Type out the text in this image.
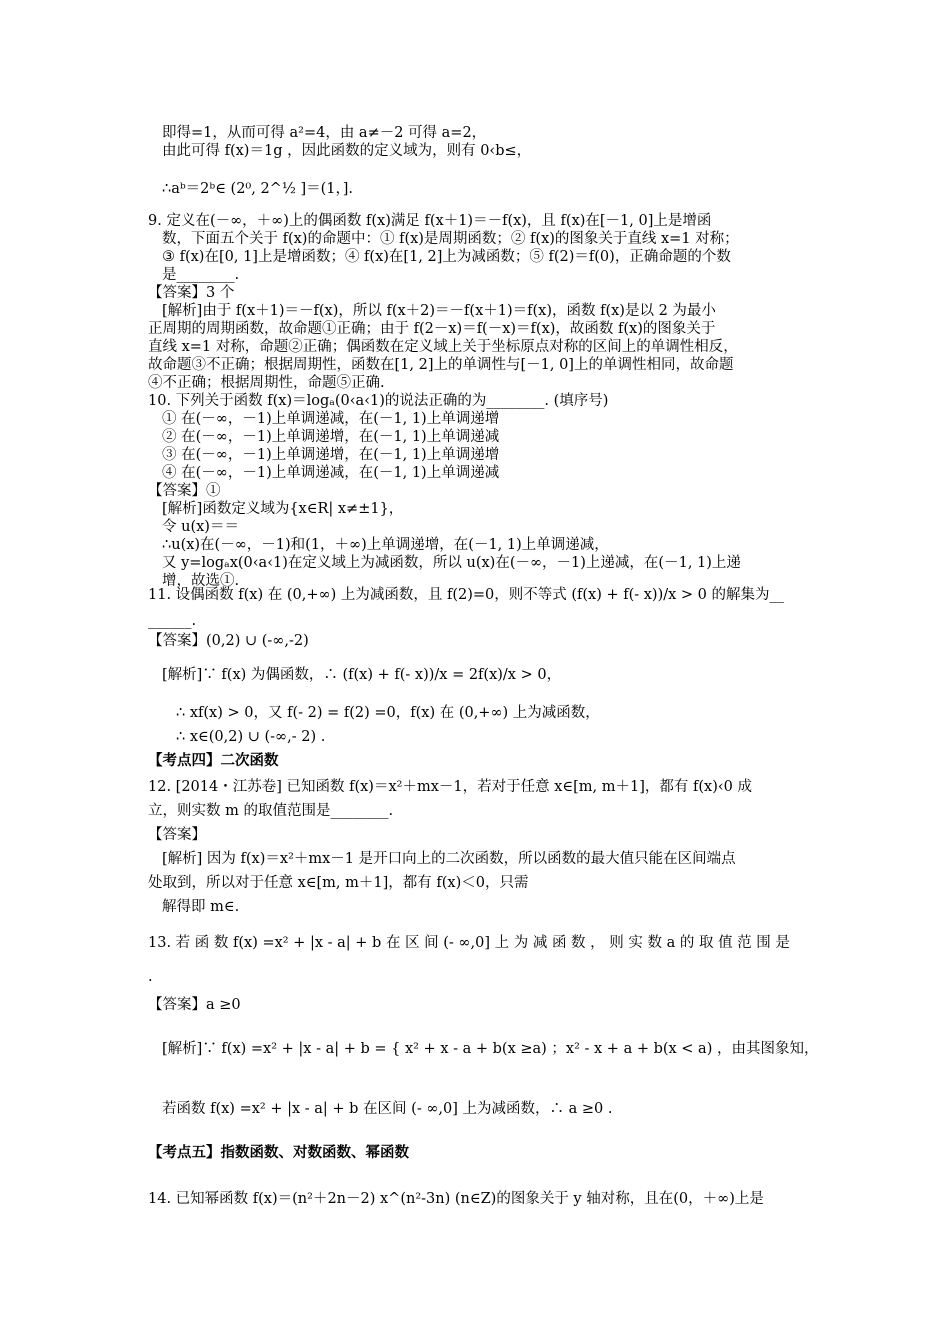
即得=1，从而可得 a²=4，由 a≠－2 可得 a=2，
由此可得 f(x)＝1g ，因此函数的定义域为，则有 0‹b≤，
∴aᵇ＝2ᵇ∈ (2⁰, 2^½ ]＝(1，].
9. 定义在(－∞，＋∞)上的偶函数 f(x)满足 f(x＋1)＝－f(x)，且 f(x)在[－1, 0]上是增函
数，下面五个关于 f(x)的命题中：① f(x)是周期函数；② f(x)的图象关于直线 x=1 对称；
③ f(x)在[0, 1]上是增函数；④ f(x)在[1, 2]上为减函数；⑤ f(2)＝f(0)，正确命题的个数
是________.
【答案】3 个
[解析]由于 f(x＋1)＝－f(x)，所以 f(x＋2)＝－f(x＋1)＝f(x)，函数 f(x)是以 2 为最小
正周期的周期函数，故命题①正确；由于 f(2－x)＝f(－x)＝f(x)，故函数 f(x)的图象关于
直线 x=1 对称，命题②正确；偶函数在定义域上关于坐标原点对称的区间上的单调性相反，
故命题③不正确；根据周期性，函数在[1, 2]上的单调性与[－1, 0]上的单调性相同，故命题
④不正确；根据周期性，命题⑤正确.
10. 下列关于函数 f(x)＝logₐ(0‹a‹1)的说法正确的为________. (填序号)
① 在(－∞，－1)上单调递减，在(－1, 1)上单调递增
② 在(－∞，－1)上单调递增，在(－1, 1)上单调递减
③ 在(－∞，－1)上单调递增，在(－1, 1)上单调递增
④ 在(－∞，－1)上单调递减，在(－1, 1)上单调递减
【答案】①
[解析]函数定义域为{x∈R| x≠±1}，
令 u(x)＝＝
∴u(x)在(－∞，－1)和(1，＋∞)上单调递增，在(－1, 1)上单调递减，
又 y=logₐx(0‹a‹1)在定义域上为减函数，所以 u(x)在(－∞，－1)上递减，在(－1, 1)上递
增，故选①.
11. 设偶函数 f(x) 在 (0,+∞) 上为减函数，且 f(2)=0，则不等式 (f(x) + f(- x))/x > 0 的解集为__
______.
【答案】(0,2) ∪ (-∞,-2)
[解析]∵ f(x) 为偶函数，∴ (f(x) + f(- x))/x = 2f(x)/x > 0，
∴ xf(x) > 0，又 f(- 2) = f(2) =0，f(x) 在 (0,+∞) 上为减函数，
∴ x∈(0,2) ∪ (-∞,- 2) .
【考点四】二次函数
12. [2014・江苏卷] 已知函数 f(x)＝x²＋mx－1，若对于任意 x∈[m, m＋1]，都有 f(x)‹0 成
立，则实数 m 的取值范围是________.
【答案】
[解析] 因为 f(x)＝x²＋mx－1 是开口向上的二次函数，所以函数的最大值只能在区间端点
处取到，所以对于任意 x∈[m, m＋1]，都有 f(x)＜0，只需
解得即 m∈.
13. 若 函 数 f(x) =x² + |x - a| + b 在 区 间 (- ∞,0] 上 为 减 函 数 ， 则 实 数 a 的 取 值 范 围 是
.
【答案】a ≥0
[解析]∵ f(x) =x² + |x - a| + b = { x² + x - a + b(x ≥a) ；x² - x + a + b(x < a) ，由其图象知，
若函数 f(x) =x² + |x - a| + b 在区间 (- ∞,0] 上为减函数，∴ a ≥0 .
【考点五】指数函数、对数函数、幂函数
14. 已知幂函数 f(x)＝(n²＋2n－2) x^(n²-3n) (n∈Z)的图象关于 y 轴对称，且在(0，＋∞)上是
